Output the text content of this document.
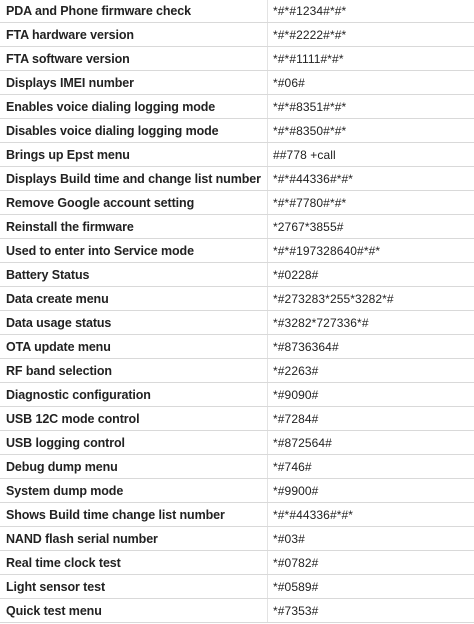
PDA and Phone firmware check	*#*#1234#*#*
FTA hardware version	*#*#2222#*#*
FTA software version	*#*#1111#*#*
Displays IMEI number	*#06#
Enables voice dialing logging mode	*#*#8351#*#*
Disables voice dialing logging mode	*#*#8350#*#*
Brings up Epst menu	##778 +call
Displays Build time and change list number	*#*#44336#*#*
Remove Google account setting	*#*#7780#*#*
Reinstall the firmware	*2767*3855#
Used to enter into Service mode	*#*#197328640#*#*
Battery Status	*#0228#
Data create menu	*#273283*255*3282*#
Data usage status	*#3282*727336*#
OTA update menu	*#8736364#
RF band selection	*#2263#
Diagnostic configuration	*#9090#
USB 12C mode control	*#7284#
USB logging control	*#872564#
Debug dump menu	*#746#
System dump mode	*#9900#
Shows Build time change list number	*#*#44336#*#*
NAND flash serial number	*#03#
Real time clock test	*#0782#
Light sensor test	*#0589#
Quick test menu	*#7353#
